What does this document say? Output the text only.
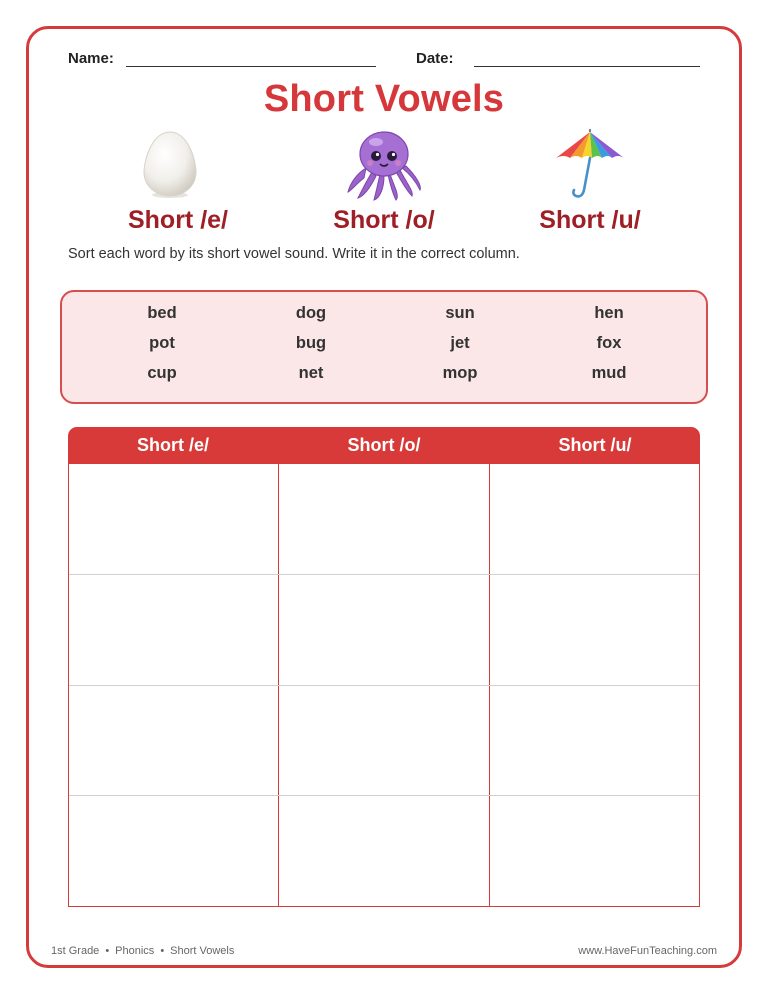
Name:	Date:
Short Vowels
Short /e/	Short /o/	Short /u/
Sort each word by its short vowel sound. Write it in the correct column.
bed	dog	sun	hen
pot	bug	jet	fox
cup	net	mop	mud
Short /e/	Short /o/	Short /u/
1st Grade • Phonics • Short Vowels	www.HaveFunTeaching.com
